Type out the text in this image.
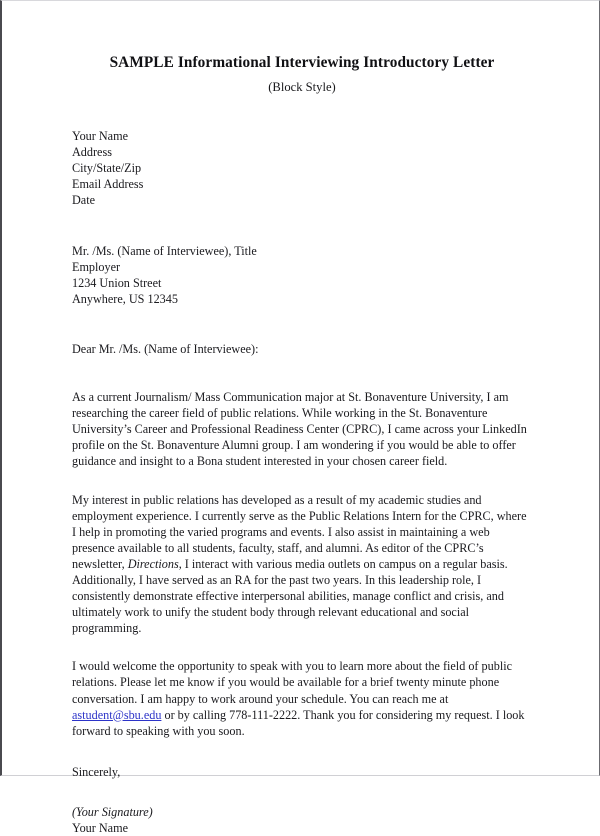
SAMPLE Informational Interviewing Introductory Letter
(Block Style)
Your Name
Address
City/State/Zip
Email Address
Date
Mr. /Ms. (Name of Interviewee), Title
Employer
1234 Union Street
Anywhere, US 12345
Dear Mr. /Ms. (Name of Interviewee):

As a current Journalism/ Mass Communication major at St. Bonaventure University, I am researching the career field of public relations. While working in the St. Bonaventure University’s Career and Professional Readiness Center (CPRC), I came across your LinkedIn profile on the St. Bonaventure Alumni group. I am wondering if you would be able to offer guidance and insight to a Bona student interested in your chosen career field.

My interest in public relations has developed as a result of my academic studies and employment experience. I currently serve as the Public Relations Intern for the CPRC, where I help in promoting the varied programs and events. I also assist in maintaining a web presence available to all students, faculty, staff, and alumni. As editor of the CPRC’s newsletter, Directions, I interact with various media outlets on campus on a regular basis. Additionally, I have served as an RA for the past two years. In this leadership role, I consistently demonstrate effective interpersonal abilities, manage conflict and crisis, and ultimately work to unify the student body through relevant educational and social programming.

I would welcome the opportunity to speak with you to learn more about the field of public relations. Please let me know if you would be available for a brief twenty minute phone conversation. I am happy to work around your schedule. You can reach me at astudent@sbu.edu or by calling 778-111-2222. Thank you for considering my request. I look forward to speaking with you soon.

Sincerely,
(Your Signature)
Your Name
